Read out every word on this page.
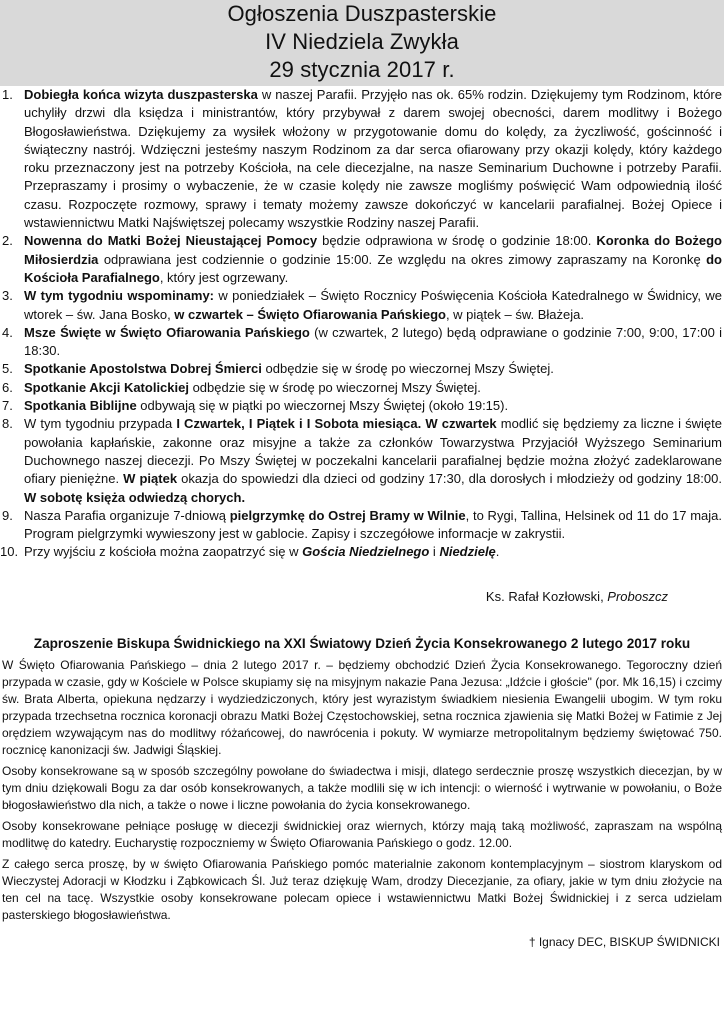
Ogłoszenia Duszpasterskie
IV Niedziela Zwykła
29 stycznia 2017 r.
1. Dobiegła końca wizyta duszpasterska w naszej Parafii. Przyjęło nas ok. 65% rodzin. Dziękujemy tym Rodzinom, które uchyliły drzwi dla księdza i ministrantów, który przybywał z darem swojej obecności, darem modlitwy i Bożego Błogosławieństwa. Dziękujemy za wysiłek włożony w przygotowanie domu do kolędy, za życzliwość, gościnność i świąteczny nastrój. Wdzięczni jesteśmy naszym Rodzinom za dar serca ofiarowany przy okazji kolędy, który każdego roku przeznaczony jest na potrzeby Kościoła, na cele diecezjalne, na nasze Seminarium Duchowne i potrzeby Parafii. Przepraszamy i prosimy o wybaczenie, że w czasie kolędy nie zawsze mogliśmy poświęcić Wam odpowiednią ilość czasu. Rozpoczęte rozmowy, sprawy i tematy możemy zawsze dokończyć w kancelarii parafialnej. Bożej Opiece i wstawiennictwu Matki Najświętszej polecamy wszystkie Rodziny naszej Parafii.
2. Nowenna do Matki Bożej Nieustającej Pomocy będzie odprawiona w środę o godzinie 18:00. Koronka do Bożego Miłosierdzia odprawiana jest codziennie o godzinie 15:00. Ze względu na okres zimowy zapraszamy na Koronkę do Kościoła Parafialnego, który jest ogrzewany.
3. W tym tygodniu wspominamy: w poniedziałek – Święto Rocznicy Poświęcenia Kościoła Katedralnego w Świdnicy, we wtorek – św. Jana Bosko, w czwartek – Święto Ofiarowania Pańskiego, w piątek – św. Błażeja.
4. Msze Święte w Święto Ofiarowania Pańskiego (w czwartek, 2 lutego) będą odprawiane o godzinie 7:00, 9:00, 17:00 i 18:30.
5. Spotkanie Apostolstwa Dobrej Śmierci odbędzie się w środę po wieczornej Mszy Świętej.
6. Spotkanie Akcji Katolickiej odbędzie się w środę po wieczornej Mszy Świętej.
7. Spotkania Biblijne odbywają się w piątki po wieczornej Mszy Świętej (około 19:15).
8. W tym tygodniu przypada I Czwartek, I Piątek i I Sobota miesiąca. W czwartek modlić się będziemy za liczne i święte powołania kapłańskie, zakonne oraz misyjne a także za członków Towarzystwa Przyjaciół Wyższego Seminarium Duchownego naszej diecezji. Po Mszy Świętej w poczekalni kancelarii parafialnej będzie można złożyć zadeklarowane ofiary pieniężne. W piątek okazja do spowiedzi dla dzieci od godziny 17:30, dla dorosłych i młodzieży od godziny 18:00. W sobotę księża odwiedzą chorych.
9. Nasza Parafia organizuje 7-dniową pielgrzymkę do Ostrej Bramy w Wilnie, to Rygi, Tallina, Helsinek od 11 do 17 maja. Program pielgrzymki wywieszony jest w gablocie. Zapisy i szczegółowe informacje w zakrystii.
10. Przy wyjściu z kościoła można zaopatrzyć się w Gościa Niedzielnego i Niedzielę.
Ks. Rafał Kozłowski, Proboszcz
Zaproszenie Biskupa Świdnickiego na XXI Światowy Dzień Życia Konsekrowanego 2 lutego 2017 roku

W Święto Ofiarowania Pańskiego – dnia 2 lutego 2017 r. – będziemy obchodzić Dzień Życia Konsekrowanego. Tegoroczny dzień przypada w czasie, gdy w Kościele w Polsce skupiamy się na misyjnym nakazie Pana Jezusa: „Idźcie i głoście" (por. Mk 16,15) i czcimy św. Brata Alberta, opiekuna nędzarzy i wydziedziczonych, który jest wyrazistym świadkiem niesienia Ewangelii ubogim. W tym roku przypada trzechsetna rocznica koronacji obrazu Matki Bożej Częstochowskiej, setna rocznica zjawienia się Matki Bożej w Fatimie z Jej orędziem wzywającym nas do modlitwy różańcowej, do nawrócenia i pokuty. W wymiarze metropolitalnym będziemy świętować 750. rocznicę kanonizacji św. Jadwigi Śląskiej.

Osoby konsekrowane są w sposób szczególny powołane do świadectwa i misji, dlatego serdecznie proszę wszystkich diecezjan, by w tym dniu dziękowali Bogu za dar osób konsekrowanych, a także modlili się w ich intencji: o wierność i wytrwanie w powołaniu, o Boże błogosławieństwo dla nich, a także o nowe i liczne powołania do życia konsekrowanego.

Osoby konsekrowane pełniące posługę w diecezji świdnickiej oraz wiernych, którzy mają taką możliwość, zapraszam na wspólną modlitwę do katedry. Eucharystię rozpoczniemy w Święto Ofiarowania Pańskiego o godz. 12.00.

Z całego serca proszę, by w święto Ofiarowania Pańskiego pomóc materialnie zakonom kontemplacyjnym – siostrom klaryskom od Wieczystej Adoracji w Kłodzku i Ząbkowicach Śl. Już teraz dziękuję Wam, drodzy Diecezjanie, za ofiary, jakie w tym dniu złożycie na ten cel na tacę. Wszystkie osoby konsekrowane polecam opiece i wstawiennictwu Matki Bożej Świdnickiej i z serca udzielam pasterskiego błogosławieństwa.

† Ignacy DEC, BISKUP ŚWIDNICKI
